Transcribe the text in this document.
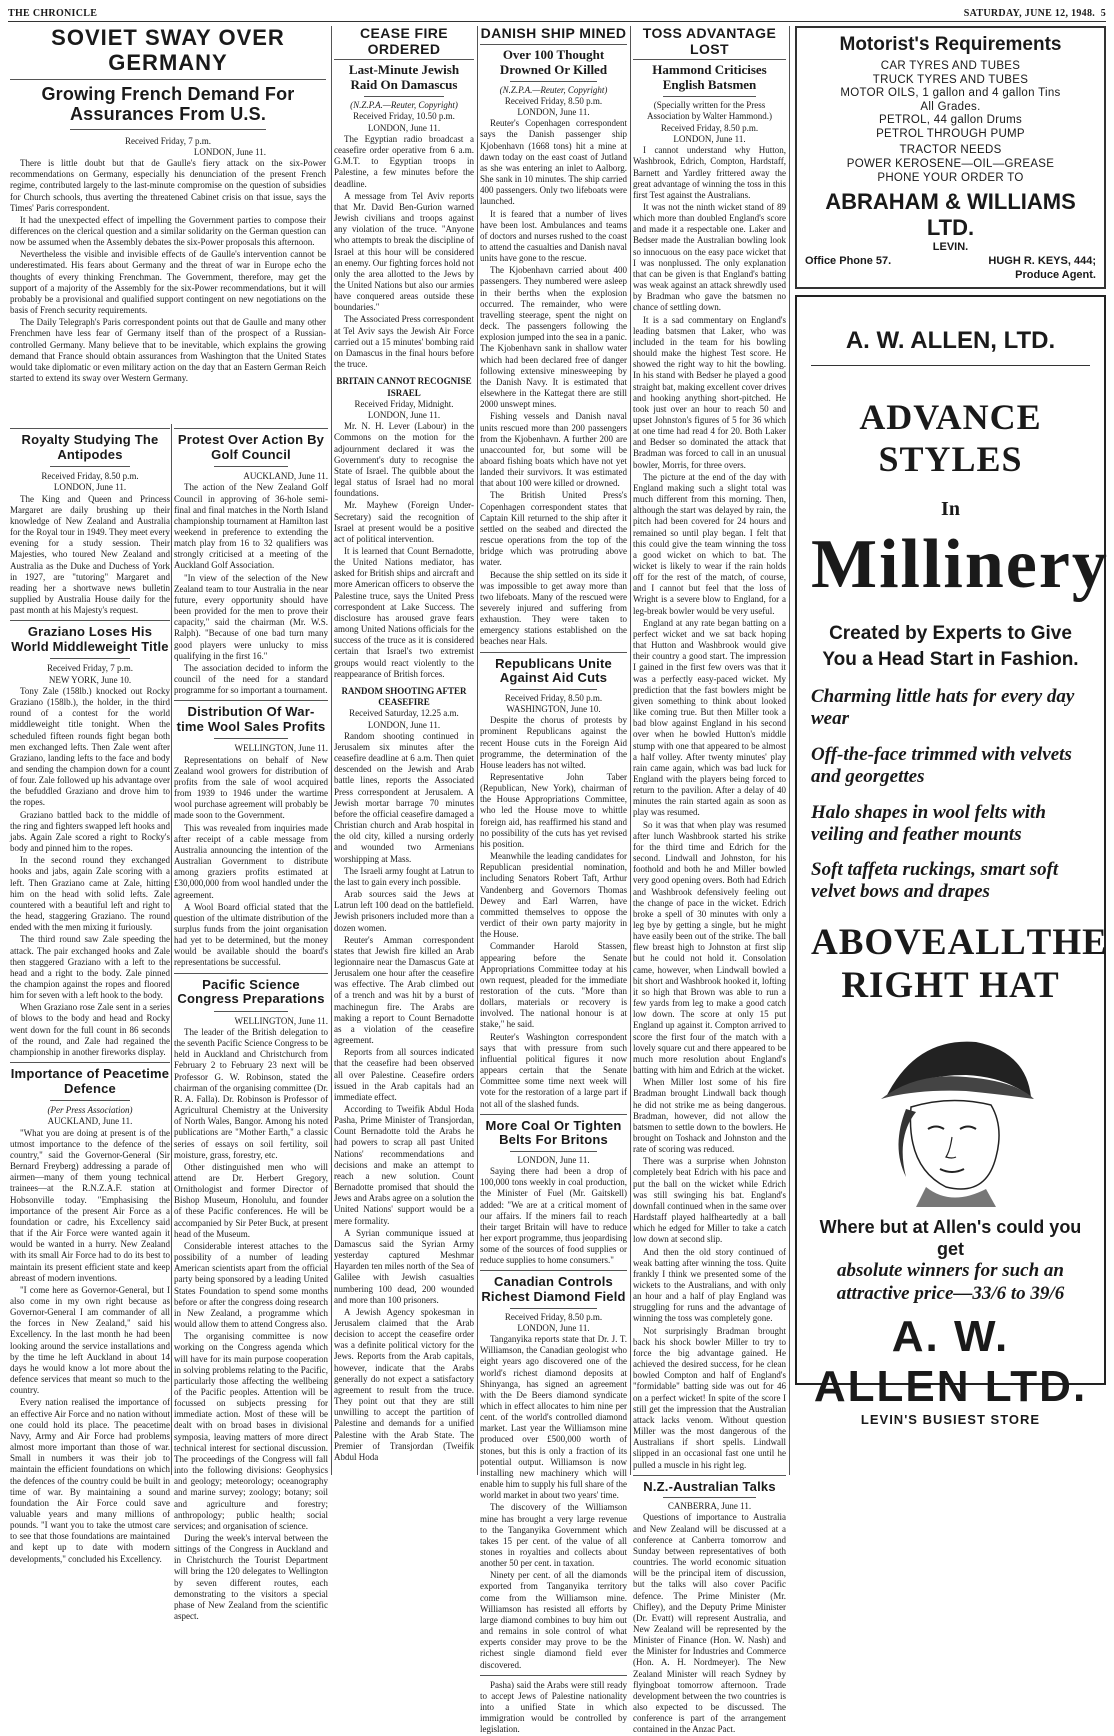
THE CHRONICLE	SATURDAY, JUNE 12, 1948. 5
SOVIET SWAY OVER GERMANY
Growing French Demand For Assurances From U.S.
Received Friday, 7 p.m.
LONDON, June 11.

There is little doubt but that de Gaulle's fiery attack on the six-Power recommendations on Germany, especially his denunciation of the present French regime, contributed largely to the last-minute compromise on the question of subsidies for Church schools, thus averting the threatened Cabinet crisis on that issue, says the Times' Paris correspondent.

It had the unexpected effect of impelling the Government parties to compose their differences on the clerical question and a similar solidarity on the German question can now be assumed when the Assembly debates the six-Power proposals this afternoon.

Nevertheless the visible and invisible effects of de Gaulle's intervention cannot be underestimated. His fears about Germany and the threat of war in Europe echo the thoughts of every thinking Frenchman. The Government, therefore, may get the support of a majority of the Assembly for the six-Power recommendations, but it will probably be a provisional and qualified support contingent on new negotiations on the basis of French security requirements.

The Daily Telegraph's Paris correspondent points out that de Gaulle and many other Frenchmen have less fear of Germany itself than of the prospect of a Russian-controlled Germany. Many believe that to be inevitable, which explains the growing demand that France should obtain assurances from Washington that the United States would take diplomatic or even military action on the day that an Eastern German Reich started to extend its sway over Western Germany.

Royalty Studying The Antipodes
Received Friday, 8.50 p.m.
LONDON, June 11.

The King and Queen and Princess Margaret are daily brushing up their knowledge of New Zealand and Australia for the Royal tour in 1949. They meet every evening for a study session. Their Majesties, who toured New Zealand and Australia as the Duke and Duchess of York in 1927, are "tutoring" Margaret and reading her a shortwave news bulletin supplied by Australia House daily for the past month at his Majesty's request.

Graziano Loses His World Middleweight Title
Received Friday, 7 p.m.
NEW YORK, June 10.

Tony Zale (158lb.) knocked out Rocky Graziano (158lb.), the holder, in the third round of a contest for the world middleweight title tonight. When the scheduled fifteen rounds fight began both men exchanged lefts. Then Zale went after Graziano, landing lefts to the face and body and sending the champion down for a count of four. Zale followed up his advantage over the befuddled Graziano and drove him to the ropes.

Graziano battled back to the middle of the ring and fighters swapped left hooks and jabs. Again Zale scored a right to Rocky's body and pinned him to the ropes.

In the second round they exchanged hooks and jabs, again Zale scoring with a left. Then Graziano came at Zale, hitting him on the head with solid lefts. Zale countered with a beautiful left and right to the head, staggering Graziano. The round ended with the men mixing it furiously.

The third round saw Zale speeding the attack. The pair exchanged hooks and Zale then staggered Graziano with a left to the head and a right to the body. Zale pinned the champion against the ropes and floored him for seven with a left hook to the body.

When Graziano rose Zale sent in a series of blows to the body and head and Rocky went down for the full count in 86 seconds of the round, and Zale had regained the championship in another fireworks display.

Importance of Peacetime Defence
(Per Press Association)
AUCKLAND, June 11.

"What you are doing at present is of the utmost importance to the defence of the country," said the Governor-General (Sir Bernard Freyberg) addressing a parade of airmen—many of them young technical trainees—at the R.N.Z.A.F. station at Hobsonville today. "Emphasising the importance of the present Air Force as a foundation or cadre, his Excellency said that if the Air Force were wanted again it would be wanted in a hurry. New Zealand with its small Air Force had to do its best to maintain its present efficient state and keep abreast of modern inventions.

"I come here as Governor-General, but I also come in my own right because as Governor-General I am commander of all the forces in New Zealand," said his Excellency. In the last month he had been looking around the service installations and by the time he left Auckland in about 14 days he would know a lot more about the defence services that meant so much to the country.

Every nation realised the importance of an effective Air Force and no nation without one could hold its place. The peacetime Navy, Army and Air Force had problems almost more important than those of war. Small in numbers it was their job to maintain the efficient foundations on which the defences of the country could be built in time of war. By maintaining a sound foundation the Air Force could save valuable years and many millions of pounds. "I want you to take the utmost care to see that those foundations are maintained and kept up to date with modern developments," concluded his Excellency.

Protest Over Action By Golf Council
AUCKLAND, June 11.

The action of the New Zealand Golf Council in approving of 36-hole semi-final and final matches in the North Island championship tournament at Hamilton last weekend in preference to extending the match play from 16 to 32 qualifiers was strongly criticised at a meeting of the Auckland Golf Association.

"In view of the selection of the New Zealand team to tour Australia in the near future, every opportunity should have been provided for the men to prove their capacity," said the chairman (Mr. W.S. Ralph). "Because of one bad turn many good players were unlucky to miss qualifying in the first 16."

The association decided to inform the council of the need for a standard programme for so important a tournament.

Distribution Of War-time Wool Sales Profits
WELLINGTON, June 11.

Representations on behalf of New Zealand wool growers for distribution of profits from the sale of wool acquired from 1939 to 1946 under the wartime wool purchase agreement will probably be made soon to the Government.

This was revealed from inquiries made after receipt of a cable message from Australia announcing the intention of the Australian Government to distribute among graziers profits estimated at £30,000,000 from wool handled under the agreement.

A Wool Board official stated that the question of the ultimate distribution of the surplus funds from the joint organisation had yet to be determined, but the money would be available should the board's representations be successful.

Pacific Science Congress Preparations
WELLINGTON, June 11.

The leader of the British delegation to the seventh Pacific Science Congress to be held in Auckland and Christchurch from February 2 to February 23 next will be Professor G. W. Robinson, stated the chairman of the organising committee (Dr. R. A. Falla). Dr. Robinson is Professor of Agricultural Chemistry at the University of North Wales, Bangor. Among his noted publications are "Mother Earth," a classic series of essays on soil fertility, soil moisture, grass, forestry, etc.

Other distinguished men who will attend are Dr. Herbert Gregory, Ornithologist and former Director of Bishop Museum, Honolulu, and founder of these Pacific conferences. He will be accompanied by Sir Peter Buck, at present head of the Museum.

Considerable interest attaches to the possibility of a number of leading American scientists apart from the official party being sponsored by a leading United States Foundation to spend some months before or after the congress doing research in New Zealand, a programme which would allow them to attend Congress also.

The organising committee is now working on the Congress agenda which will have for its main purpose cooperation in solving problems relating to the Pacific, particularly those affecting the wellbeing of the Pacific peoples. Attention will be focussed on subjects pressing for immediate action. Most of these will be dealt with on broad bases in divisional symposia, leaving matters of more direct technical interest for sectional discussion. The proceedings of the Congress will fall into the following divisions: Geophysics and geology; meteorology; oceanography and marine survey; zoology; botany; soil and agriculture and forestry; anthropology; public health; social services; and organisation of science.

During the week's interval between the sittings of the Congress in Auckland and in Christchurch the Tourist Department will bring the 120 delegates to Wellington by seven different routes, each demonstrating to the visitors a special phase of New Zealand from the scientific aspect.

CEASE FIRE ORDERED
Last-Minute Jewish Raid On Damascus
(N.Z.P.A.—Reuter, Copyright)
Received Friday, 10.50 p.m.
LONDON, June 11.

The Egyptian radio broadcast a ceasefire order operative from 6 a.m. G.M.T. to Egyptian troops in Palestine, a few minutes before the deadline.

A message from Tel Aviv reports that Mr. David Ben-Gurion warned Jewish civilians and troops against any violation of the truce. "Anyone who attempts to break the discipline of Israel at this hour will be considered an enemy. Our fighting forces hold not only the area allotted to the Jews by the United Nations but also our armies have conquered areas outside these boundaries."

The Associated Press correspondent at Tel Aviv says the Jewish Air Force carried out a 15 minutes' bombing raid on Damascus in the final hours before the truce.

BRITAIN CANNOT RECOGNISE ISRAEL
Received Friday, Midnight.
LONDON, June 11.

Mr. N. H. Lever (Labour) in the Commons on the motion for the adjournment declared it was the Government's duty to recognise the State of Israel. The quibble about the legal status of Israel had no moral foundations.

Mr. Mayhew (Foreign Under-Secretary) said the recognition of Israel at present would be a positive act of political intervention.

It is learned that Count Bernadotte, the United Nations mediator, has asked for British ships and aircraft and more American officers to observe the Palestine truce, says the United Press correspondent at Lake Success. The disclosure has aroused grave fears among United Nations officials for the success of the truce as it is considered certain that Israel's two extremist groups would react violently to the reappearance of British forces.

RANDOM SHOOTING AFTER CEASEFIRE
Received Saturday, 12.25 a.m.
LONDON, June 11.

Random shooting continued in Jerusalem six minutes after the ceasefire deadline at 6 a.m. Then quiet descended on the Jewish and Arab battle lines, reports the Associated Press correspondent at Jerusalem. A Jewish mortar barrage 70 minutes before the official ceasefire damaged a Christian church and Arab hospital in the old city, killed a nursing orderly and wounded two Armenians worshipping at Mass.

The Israeli army fought at Latrun to the last to gain every inch possible.

Arab sources said the Jews at Latrun left 100 dead on the battlefield. Jewish prisoners included more than a dozen women.

Reuter's Amman correspondent states that Jewish fire killed an Arab legionnaire near the Damascus Gate at Jerusalem one hour after the ceasefire was effective. The Arab climbed out of a trench and was hit by a burst of machinegun fire. The Arabs are making a report to Count Bernadotte as a violation of the ceasefire agreement.

Reports from all sources indicated that the ceasefire had been observed all over Palestine. Ceasefire orders issued in the Arab capitals had an immediate effect.

According to Tweifik Abdul Hoda Pasha, Prime Minister of Transjordan, Count Bernadotte told the Arabs he had powers to scrap all past United Nations' recommendations and decisions and make an attempt to reach a new solution. Count Bernadotte promised that should the Jews and Arabs agree on a solution the United Nations' support would be a mere formality.

A Syrian communique issued at Damascus said the Syrian Army yesterday captured Meshmar Hayarden ten miles north of the Sea of Galilee with Jewish casualties numbering 100 dead, 200 wounded and more than 100 prisoners.

A Jewish Agency spokesman in Jerusalem claimed that the Arab decision to accept the ceasefire order was a definite political victory for the Jews. Reports from the Arab capitals, however, indicate that the Arabs generally do not expect a satisfactory agreement to result from the truce. They point out that they are still unwilling to accept the partition of Palestine and demands for a unified Palestine with the Arab State. The Premier of Transjordan (Tweifik Abdul Hoda

DANISH SHIP MINED
Over 100 Thought Drowned Or Killed
(N.Z.P.A.—Reuter, Copyright)
Received Friday, 8.50 p.m.
LONDON, June 11.

Reuter's Copenhagen correspondent says the Danish passenger ship Kjobenhavn (1668 tons) hit a mine at dawn today on the east coast of Jutland as she was entering an inlet to Aalborg. She sank in 10 minutes. The ship carried 400 passengers. Only two lifeboats were launched.

It is feared that a number of lives have been lost. Ambulances and teams of doctors and nurses rushed to the coast to attend the casualties and Danish naval units have gone to the rescue.

The Kjobenhavn carried about 400 passengers. They numbered were asleep in their berths when the explosion occurred. The remainder, who were travelling steerage, spent the night on deck. The passengers following the explosion jumped into the sea in a panic. The Kjobenhavn sank in shallow water which had been declared free of danger following extensive minesweeping by the Danish Navy. It is estimated that elsewhere in the Kattegat there are still 2000 unswept mines.

Fishing vessels and Danish naval units rescued more than 200 passengers from the Kjobenhavn. A further 200 are unaccounted for, but some will be aboard fishing boats which have not yet landed their survivors. It was estimated that about 100 were killed or drowned.

The British United Press's Copenhagen correspondent states that Captain Kill returned to the ship after it settled on the seabed and directed the rescue operations from the top of the bridge which was protruding above water.

Because the ship settled on its side it was impossible to get away more than two lifeboats. Many of the rescued were severely injured and suffering from exhaustion. They were taken to emergency stations established on the beaches near Hals.

Republicans Unite Against Aid Cuts
Received Friday, 8.50 p.m.
WASHINGTON, June 10.

Despite the chorus of protests by prominent Republicans against the recent House cuts in the Foreign Aid programme, the determination of the House leaders has not wilted.

Representative John Taber (Republican, New York), chairman of the House Appropriations Committee, who led the House move to whittle foreign aid, has reaffirmed his stand and no possibility of the cuts has yet revised his position.

Meanwhile the leading candidates for Republican presidential nomination, including Senators Robert Taft, Arthur Vandenberg and Governors Thomas Dewey and Earl Warren, have committed themselves to oppose the verdict of their own party majority in the House.

Commander Harold Stassen, appearing before the Senate Appropriations Committee today at his own request, pleaded for the immediate restoration of the cuts. "More than dollars, materials or recovery is involved. The national honour is at stake," he said.

Reuter's Washington correspondent says that with pressure from such influential political figures it now appears certain that the Senate Committee some time next week will vote for the restoration of a large part if not all of the slashed funds.

More Coal Or Tighten Belts For Britons
LONDON, June 11.

Saying there had been a drop of 100,000 tons weekly in coal production, the Minister of Fuel (Mr. Gaitskell) added: "We are at a critical moment of our affairs. If the miners fail to reach their target Britain will have to reduce her export programme, thus jeopardising some of the sources of food supplies or reduce supplies to home consumers."

Canadian Controls Richest Diamond Field
Received Friday, 8.50 p.m.
LONDON, June 11.

Tanganyika reports state that Dr. J. T. Williamson, the Canadian geologist who eight years ago discovered one of the world's richest diamond deposits at Shinyanga, has signed an agreement with the De Beers diamond syndicate which in effect allocates to him nine per cent. of the world's controlled diamond market. Last year the Williamson mine produced over £500,000 worth of stones, but this is only a fraction of its potential output. Williamson is now installing new machinery which will enable him to supply his full share of the world market in about two years' time.

The discovery of the Williamson mine has brought a very large revenue to the Tanganyika Government which takes 15 per cent. of the value of all stones in royalties and collects about another 50 per cent. in taxation.

Ninety per cent. of all the diamonds exported from Tanganyika territory come from the Williamson mine. Williamson has resisted all efforts by large diamond combines to buy him out and remains in sole control of what experts consider may prove to be the richest single diamond field ever discovered.

Pasha) said the Arabs were still ready to accept Jews of Palestine nationality into a unified State in which immigration would be controlled by legislation.

TOSS ADVANTAGE LOST
Hammond Criticises English Batsmen
(Specially written for the Press Association by Walter Hammond.)
Received Friday, 8.50 p.m.
LONDON, June 11.

I cannot understand why Hutton, Washbrook, Edrich, Compton, Hardstaff, Barnett and Yardley frittered away the great advantage of winning the toss in this first Test against the Australians.

It was not the ninth wicket stand of 89 which more than doubled England's score and made it a respectable one. Laker and Bedser made the Australian bowling look so innocuous on the easy pace wicket that I was nonplussed. The only explanation that can be given is that England's batting was weak against an attack shrewdly used by Bradman who gave the batsmen no chance of settling down.

It is a sad commentary on England's leading batsmen that Laker, who was included in the team for his bowling should make the highest Test score. He showed the right way to hit the bowling. In his stand with Bedser he played a good straight bat, making excellent cover drives and hooking anything short-pitched. He took just over an hour to reach 50 and upset Johnston's figures of 5 for 36 which at one time had read 4 for 20. Both Laker and Bedser so dominated the attack that Bradman was forced to call in an unusual bowler, Morris, for three overs.

The picture at the end of the day with England making such a slight total was much different from this morning. Then, although the start was delayed by rain, the pitch had been covered for 24 hours and remained so until play began. I felt that this could give the team winning the toss a good wicket on which to bat. The wicket is likely to wear if the rain holds off for the rest of the match, of course, and I cannot but feel that the loss of Wright is a severe blow to England, for a leg-break bowler would be very useful.

England at any rate began batting on a perfect wicket and we sat back hoping that Hutton and Washbrook would give their country a good start. The impression I gained in the first few overs was that it was a perfectly easy-paced wicket. My prediction that the fast bowlers might be given something to think about looked like coming true. But then Miller took a bad blow against England in his second over when he bowled Hutton's middle stump with one that appeared to be almost a half volley. After twenty minutes' play rain came again, which was bad luck for England with the players being forced to return to the pavilion. After a delay of 40 minutes the rain started again as soon as play was resumed.

So it was that when play was resumed after lunch Washbrook started his strike for the third time and Edrich for the second. Lindwall and Johnston, for his foothold and both he and Miller bowled very good opening overs. Both had Edrich and Washbrook defensively feeling out the change of pace in the wicket. Edrich broke a spell of 30 minutes with only a leg bye by getting a single, but he might have easily been out of the strike. The ball flew breast high to Johnston at first slip but he could not hold it. Consolation came, however, when Lindwall bowled a bit short and Washbrook hooked it, lofting it so high that Brown was able to run a few yards from leg to make a good catch low down. The score at only 15 put England up against it. Compton arrived to score the first four of the match with a lovely square cut and there appeared to be much more resolution about England's batting with him and Edrich at the wicket.

When Miller lost some of his fire Bradman brought Lindwall back though he did not strike me as being dangerous. Bradman, however, did not allow the batsmen to settle down to the bowlers. He brought on Toshack and Johnston and the rate of scoring was reduced.

There was a surprise when Johnston completely beat Edrich with his pace and put the ball on the wicket while Edrich was still swinging his bat. England's downfall continued when in the same over Hardstaff played halfheartedly at a ball which he edged for Miller to take a catch low down at second slip.

And then the old story continued of weak batting after winning the toss. Quite frankly I think we presented some of the wickets to the Australians, and with only an hour and a half of play England was struggling for runs and the advantage of winning the toss was completely gone.

Not surprisingly Bradman brought back his shock bowler Miller to try to force the big advantage gained. He achieved the desired success, for he clean bowled Compton and half of England's "formidable" batting side was out for 46 on a perfect wicket! In spite of the score I still get the impression that the Australian attack lacks venom. Without question Miller was the most dangerous of the Australians if short spells. Lindwall slipped in an occasional fast one until he pulled a muscle in his right leg.

N.Z.-Australian Talks
CANBERRA, June 11.

Questions of importance to Australia and New Zealand will be discussed at a conference at Canberra tomorrow and Sunday between representatives of both countries. The world economic situation will be the principal item of discussion, but the talks will also cover Pacific defence. The Prime Minister (Mr. Chifley), and the Deputy Prime Minister (Dr. Evatt) will represent Australia, and New Zealand will be represented by the Minister of Finance (Hon. W. Nash) and the Minister for Industries and Commerce (Hon. A. H. Nordmeyer). The New Zealand Minister will reach Sydney by flyingboat tomorrow afternoon. Trade development between the two countries is also expected to be discussed. The conference is part of the arrangement contained in the Anzac Pact.

Motorist's Requirements
CAR TYRES AND TUBES
TRUCK TYRES AND TUBES
MOTOR OILS, 1 gallon and 4 gallon Tins
All Grades.
PETROL, 44 gallon Drums
PETROL THROUGH PUMP
TRACTOR NEEDS
POWER KEROSENE—OIL—GREASE
PHONE YOUR ORDER TO
ABRAHAM & WILLIAMS LTD.
LEVIN.
Office Phone 57.	HUGH R. KEYS, 444;
Produce Agent.
A. W. ALLEN, LTD.
ADVANCE STYLES
In
Millinery
Created by Experts to Give You a Head Start in Fashion.
Charming little hats for every day wear
Off-the-face trimmed with velvets and georgettes
Halo shapes in wool felts with veiling and feather mounts
Soft taffeta ruckings, smart soft velvet bows and drapes
ABOVE ALL THE
RIGHT HAT
Where but at Allen's could you get
absolute winners for such an attractive price—33/6 to 39/6
A. W. ALLEN LTD.
LEVIN'S BUSIEST STORE
